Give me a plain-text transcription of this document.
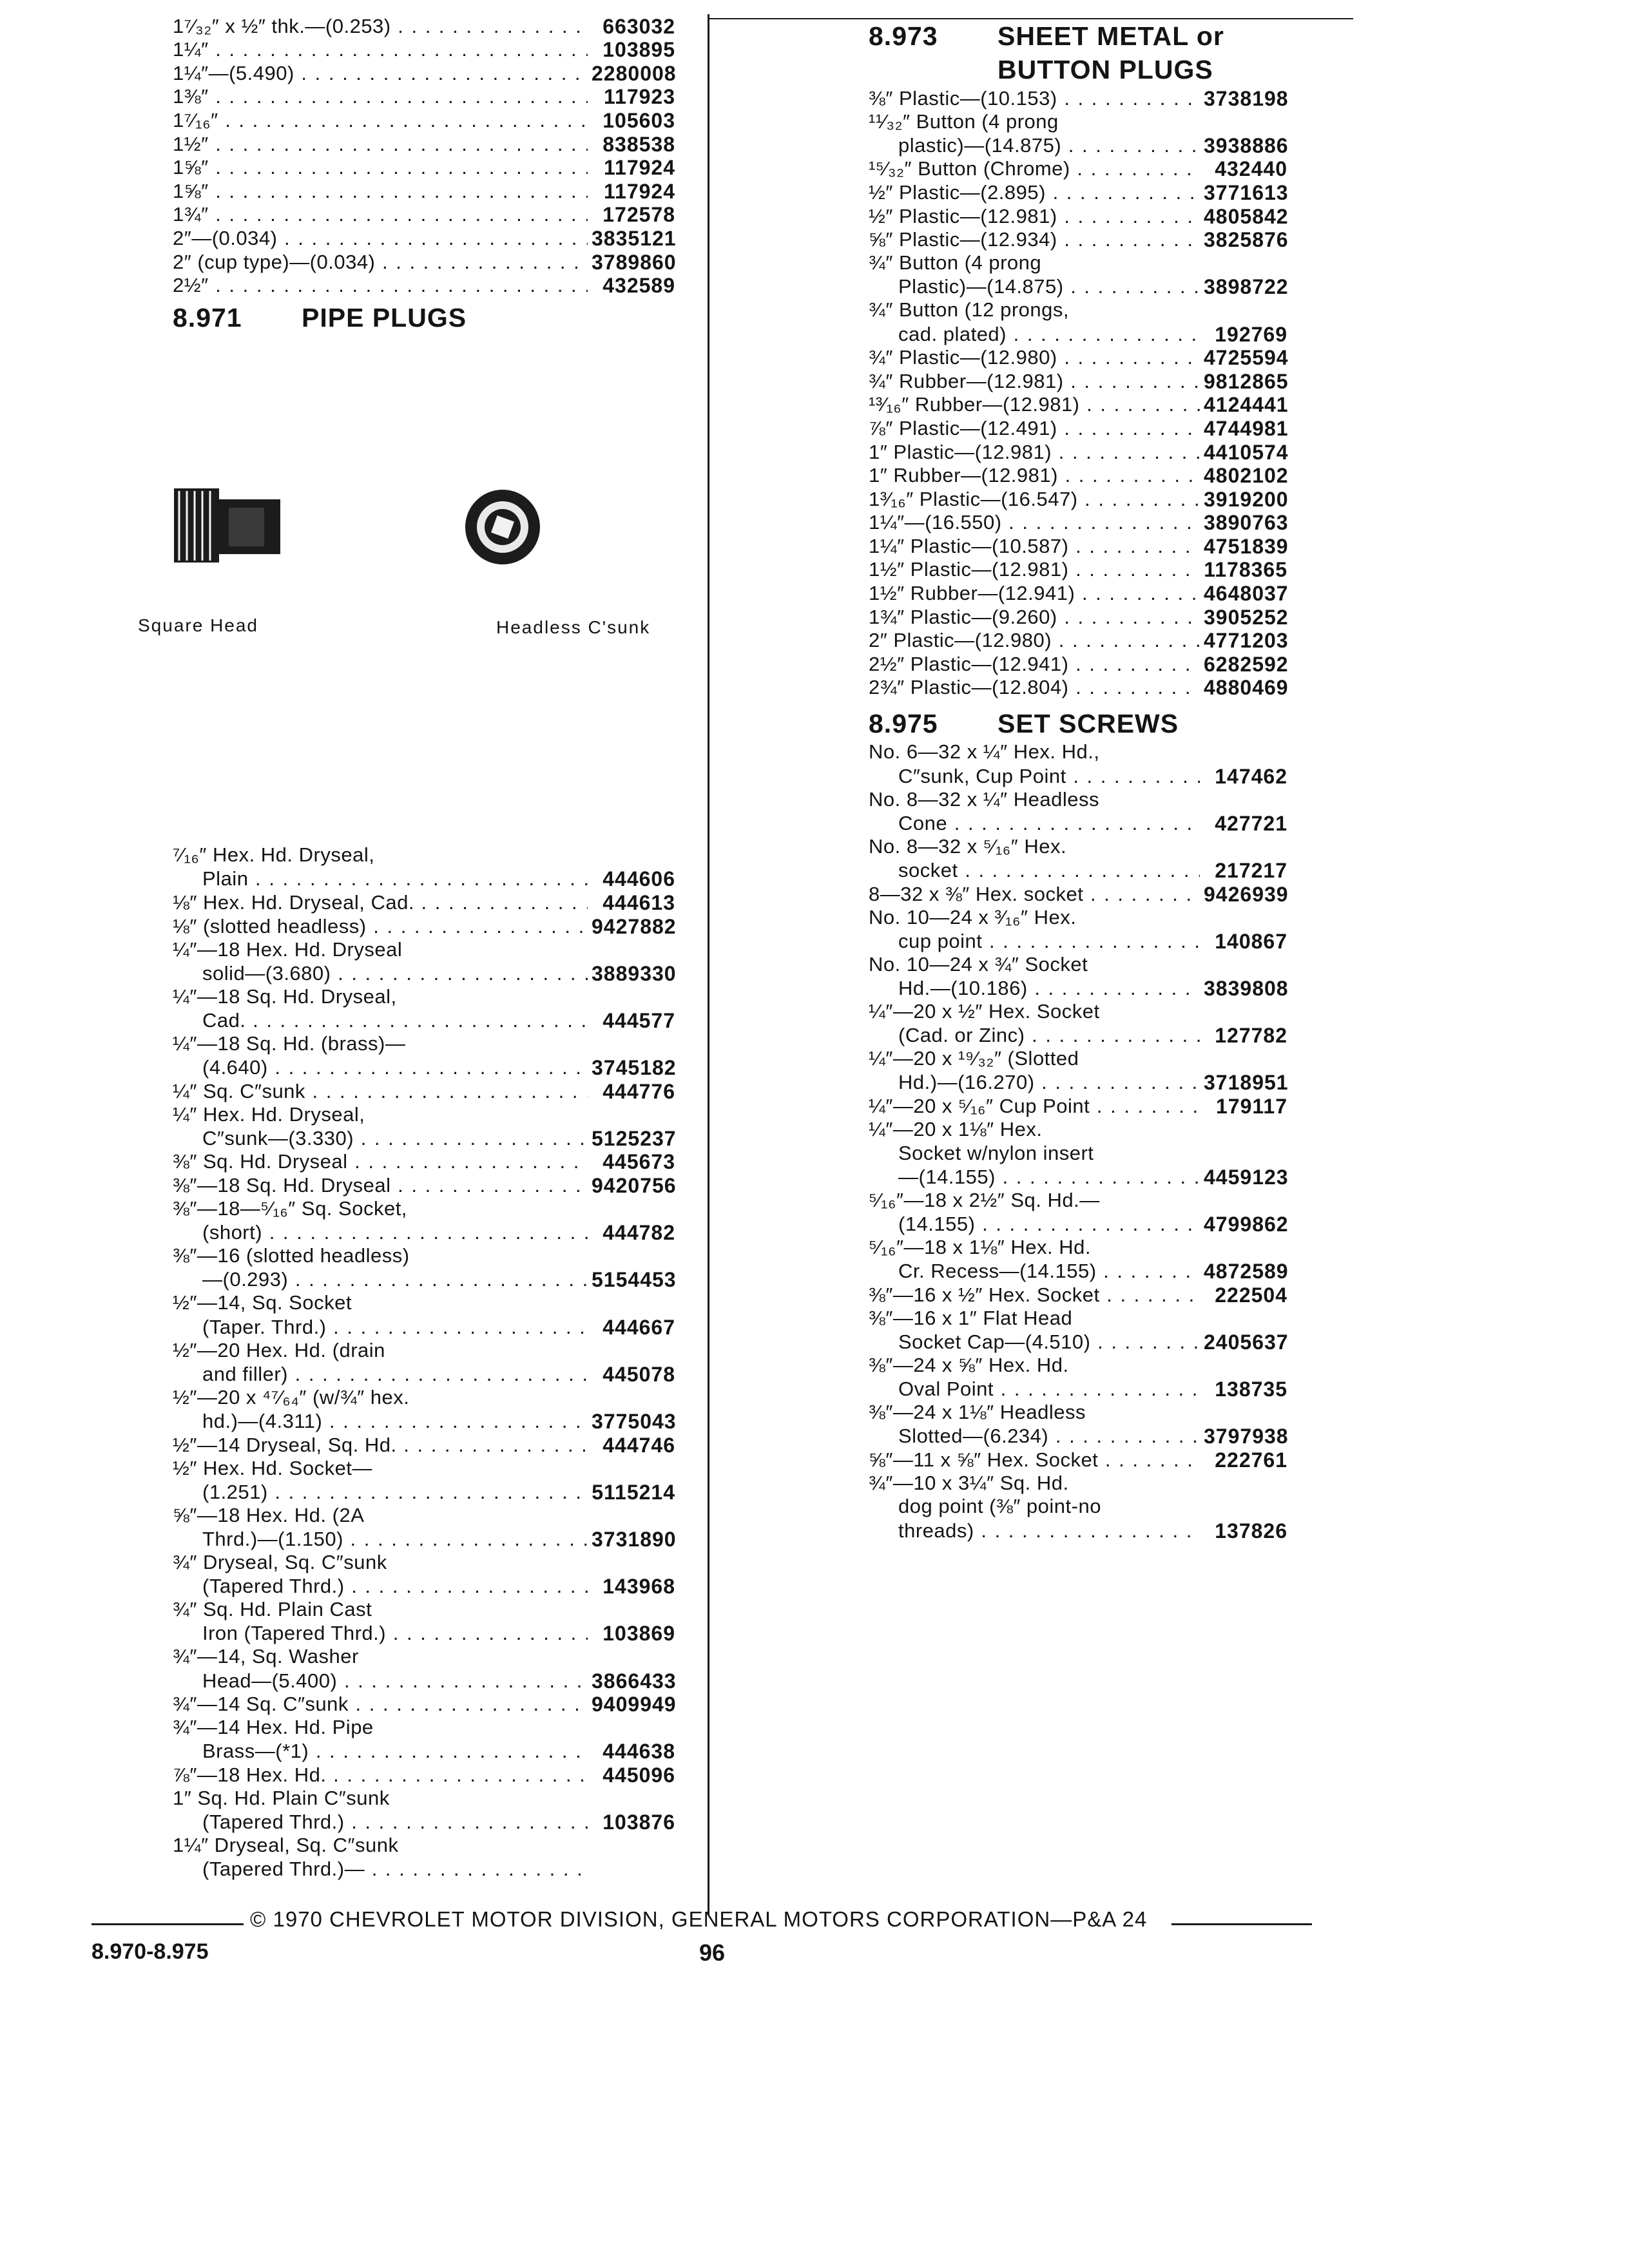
1⁷⁄₃₂″ x ½″ thk.—(0.253) . . .	663032
1¼″ . . .	103895
1¼″—(5.490) . . .	2280008
1⅜″ . . .	117923
1⁷⁄₁₆″ . . .	105603
1½″ . . .	838538
1⅝″ . . .	117924
1⅝″ . . .	117924
1¾″ . . .	172578
2″—(0.034) . . .	3835121
2″ (cup type)—(0.034) . . .	3789860
2½″ . . .	432589
8.971	PIPE PLUGS
⁷⁄₁₆″ Hex. Hd. Dryseal,
Plain . . .	444606
⅛″ Hex. Hd. Dryseal, Cad. . . .	444613
⅛″ (slotted headless) . . .	9427882
¼″—18 Hex. Hd. Dryseal
solid—(3.680) . . .	3889330
¼″—18 Sq. Hd. Dryseal,
Cad. . . .	444577
¼″—18 Sq. Hd. (brass)—
(4.640) . . .	3745182
¼″ Sq. C″sunk . . .	444776
¼″ Hex. Hd. Dryseal,
C″sunk—(3.330) . . .	5125237
⅜″ Sq. Hd. Dryseal . . .	445673
⅜″—18 Sq. Hd. Dryseal . . .	9420756
⅜″—18—⁵⁄₁₆″ Sq. Socket,
(short) . . .	444782
⅜″—16 (slotted headless)
—(0.293) . . .	5154453
½″—14, Sq. Socket
(Taper. Thrd.) . . .	444667
½″—20 Hex. Hd. (drain
and filler) . . .	445078
½″—20 x ⁴⁷⁄₆₄″ (w/¾″ hex.
hd.)—(4.311) . . .	3775043
½″—14 Dryseal, Sq. Hd. . . .	444746
½″ Hex. Hd. Socket—
(1.251) . . .	5115214
⅝″—18 Hex. Hd. (2A
Thrd.)—(1.150) . . .	3731890
¾″ Dryseal, Sq. C″sunk
(Tapered Thrd.) . . .	143968
¾″ Sq. Hd. Plain Cast
Iron (Tapered Thrd.) . . .	103869
¾″—14, Sq. Washer
Head—(5.400) . . .	3866433
¾″—14 Sq. C″sunk . . .	9409949
¾″—14 Hex. Hd. Pipe
Brass—(*1) . . .	444638
⅞″—18 Hex. Hd. . . .	445096
1″ Sq. Hd. Plain C″sunk
(Tapered Thrd.) . . .	103876
1¼″ Dryseal, Sq. C″sunk
(Tapered Thrd.)— . . .
Square Head	Headless C'sunk
8.973	SHEET METAL or
BUTTON PLUGS
⅜″ Plastic—(10.153) . . .	3738198
¹¹⁄₃₂″ Button (4 prong
plastic)—(14.875) . . .	3938886
¹⁵⁄₃₂″ Button (Chrome) . . .	432440
½″ Plastic—(2.895) . . .	3771613
½″ Plastic—(12.981) . . .	4805842
⅝″ Plastic—(12.934) . . .	3825876
¾″ Button (4 prong
Plastic)—(14.875) . . .	3898722
¾″ Button (12 prongs,
cad. plated) . . .	192769
¾″ Plastic—(12.980) . . .	4725594
¾″ Rubber—(12.981) . . .	9812865
¹³⁄₁₆″ Rubber—(12.981) . . .	4124441
⅞″ Plastic—(12.491) . . .	4744981
1″ Plastic—(12.981) . . .	4410574
1″ Rubber—(12.981) . . .	4802102
1³⁄₁₆″ Plastic—(16.547) . . .	3919200
1¼″—(16.550) . . .	3890763
1¼″ Plastic—(10.587) . . .	4751839
1½″ Plastic—(12.981) . . .	1178365
1½″ Rubber—(12.941) . . .	4648037
1¾″ Plastic—(9.260) . . .	3905252
2″ Plastic—(12.980) . . .	4771203
2½″ Plastic—(12.941) . . .	6282592
2¾″ Plastic—(12.804) . . .	4880469
8.975	SET SCREWS
No. 6—32 x ¼″ Hex. Hd.,
C″sunk, Cup Point . . .	147462
No. 8—32 x ¼″ Headless
Cone . . .	427721
No. 8—32 x ⁵⁄₁₆″ Hex.
socket . . .	217217
8—32 x ⅜″ Hex. socket . . .	9426939
No. 10—24 x ³⁄₁₆″ Hex.
cup point . . .	140867
No. 10—24 x ¾″ Socket
Hd.—(10.186) . . .	3839808
¼″—20 x ½″ Hex. Socket
(Cad. or Zinc) . . .	127782
¼″—20 x ¹⁹⁄₃₂″ (Slotted
Hd.)—(16.270) . . .	3718951
¼″—20 x ⁵⁄₁₆″ Cup Point . . .	179117
¼″—20 x 1⅛″ Hex.
Socket w/nylon insert
—(14.155) . . .	4459123
⁵⁄₁₆″—18 x 2½″ Sq. Hd.—
(14.155) . . .	4799862
⁵⁄₁₆″—18 x 1⅛″ Hex. Hd.
Cr. Recess—(14.155) . . .	4872589
⅜″—16 x ½″ Hex. Socket . . .	222504
⅜″—16 x 1″ Flat Head
Socket Cap—(4.510) . . .	2405637
⅜″—24 x ⅝″ Hex. Hd.
Oval Point . . .	138735
⅜″—24 x 1⅛″ Headless
Slotted—(6.234) . . .	3797938
⅝″—11 x ⅝″ Hex. Socket . . .	222761
¾″—10 x 3¼″ Sq. Hd.
dog point (⅜″ point-no
threads) . . .	137826
© 1970 CHEVROLET MOTOR DIVISION, GENERAL MOTORS CORPORATION—P&A 24
8.970-8.975	96
